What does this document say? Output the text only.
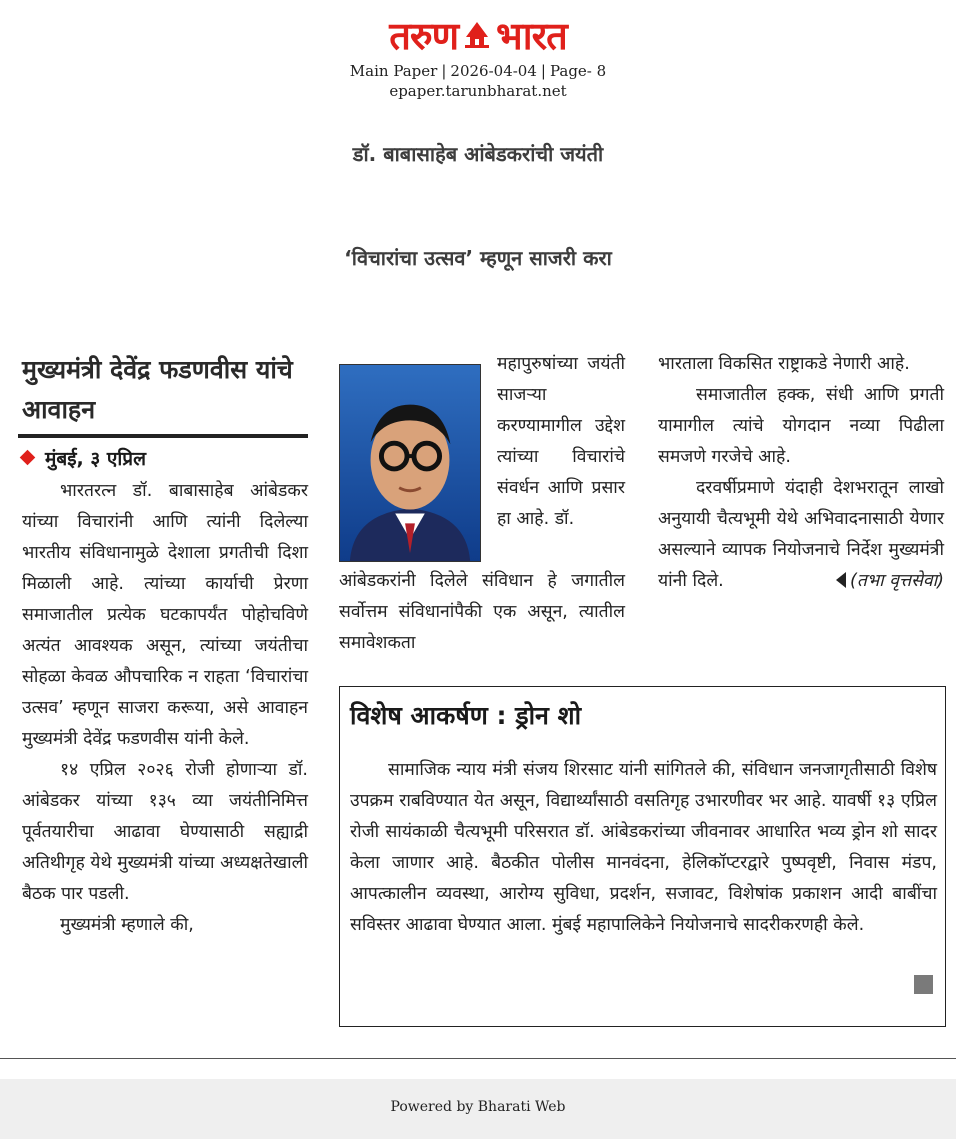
तरुण भारत
Main Paper | 2026-04-04 | Page- 8
epaper.tarunbharat.net
डॉ. बाबासाहेब आंबेडकरांची जयंती
‘विचारांचा उत्सव’ म्हणून साजरी करा
मुख्यमंत्री देवेंद्र फडणवीस यांचे आवाहन
मुंबई, ३ एप्रिल

भारतरत्न डॉ. बाबासाहेब आंबेडकर यांच्या विचारांनी आणि त्यांनी दिलेल्या भारतीय संविधानामुळे देशाला प्रगतीची दिशा मिळाली आहे. त्यांच्या कार्याची प्रेरणा समाजातील प्रत्येक घटकापर्यंत पोहोचविणे अत्यंत आवश्यक असून, त्यांच्या जयंतीचा सोहळा केवळ औपचारिक न राहता ‘विचारांचा उत्सव’ म्हणून साजरा करूया, असे आवाहन मुख्यमंत्री देवेंद्र फडणवीस यांनी केले.

१४ एप्रिल २०२६ रोजी होणाऱ्या डॉ. आंबेडकर यांच्या १३५ व्या जयंतीनिमित्त पूर्वतयारीचा आढावा घेण्यासाठी सह्याद्री अतिथीगृह येथे मुख्यमंत्री यांच्या अध्यक्षतेखाली बैठक पार पडली.

मुख्यमंत्री म्हणाले की,

महापुरुषांच्या जयंती साजऱ्या करण्यामागील उद्देश त्यांच्या विचारांचे संवर्धन आणि प्रसार हा आहे. डॉ.
आंबेडकरांनी दिलेले संविधान हे जगातील सर्वोत्तम संविधानांपैकी एक असून, त्यातील समावेशकता

भारताला विकसित राष्ट्राकडे नेणारी आहे.

समाजातील हक्क, संधी आणि प्रगती यामागील त्यांचे योगदान नव्या पिढीला समजणे गरजेचे आहे.

दरवर्षीप्रमाणे यंदाही देशभरातून लाखो अनुयायी चैत्यभूमी येथे अभिवादनासाठी येणार असल्याने व्यापक नियोजनाचे निर्देश मुख्यमंत्री यांनी दिले.	(तभा वृत्तसेवा)
विशेष आकर्षण : ड्रोन शो

सामाजिक न्याय मंत्री संजय शिरसाट यांनी सांगितले की, संविधान जनजागृतीसाठी विशेष उपक्रम राबविण्यात येत असून, विद्यार्थ्यांसाठी वसतिगृह उभारणीवर भर आहे. यावर्षी १३ एप्रिल रोजी सायंकाळी चैत्यभूमी परिसरात डॉ. आंबेडकरांच्या जीवनावर आधारित भव्य ड्रोन शो सादर केला जाणार आहे. बैठकीत पोलीस मानवंदना, हेलिकॉप्टरद्वारे पुष्पवृष्टी, निवास मंडप, आपत्कालीन व्यवस्था, आरोग्य सुविधा, प्रदर्शन, सजावट, विशेषांक प्रकाशन आदी बाबींचा सविस्तर आढावा घेण्यात आला. मुंबई महापालिकेने नियोजनाचे सादरीकरणही केले.

Powered by Bharati Web
